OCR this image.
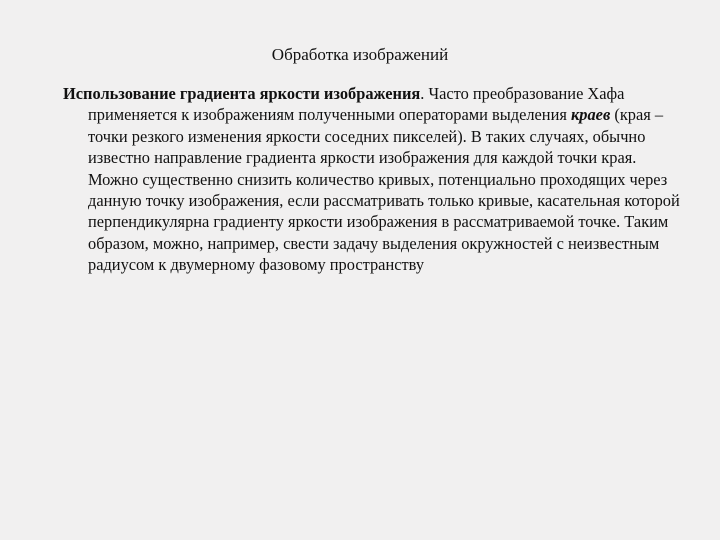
Обработка изображений

Использование градиента яркости изображения. Часто преобразование Хафа применяется к изображениям полученными операторами выделения краев (края – точки резкого изменения яркости соседних пикселей). В таких случаях, обычно известно направление градиента яркости изображения для каждой точки края. Можно существенно снизить количество кривых, потенциально проходящих через данную точку изображения, если рассматривать только кривые, касательная которой перпендикулярна градиенту яркости изображения в рассматриваемой точке. Таким образом, можно, например, свести задачу выделения окружностей с неизвестным радиусом к двумерному фазовому пространству
